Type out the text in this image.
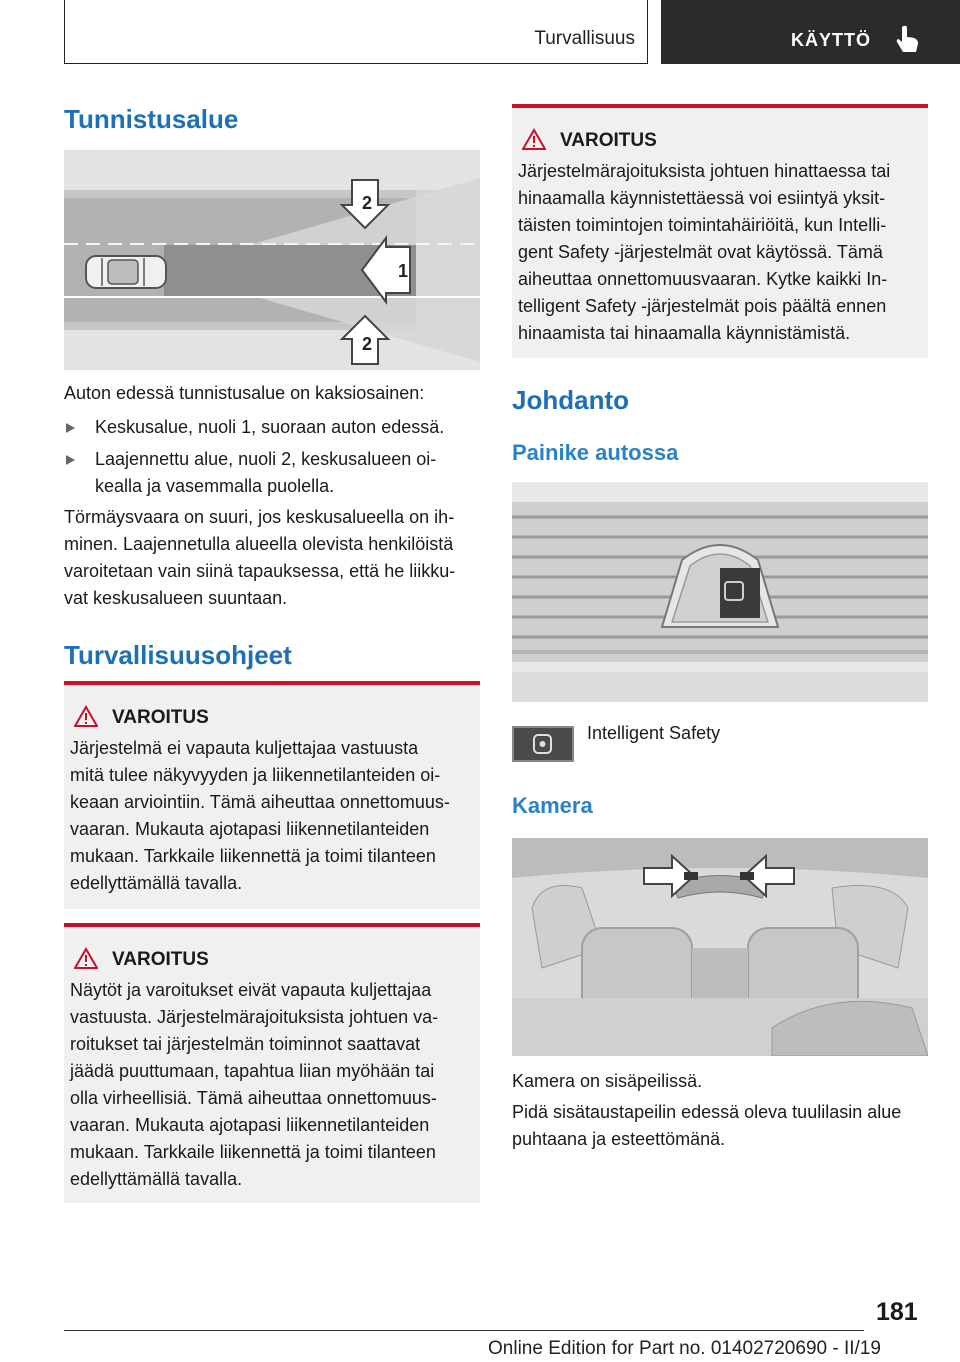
Turvallisuus	KÄYTTÖ
Tunnistusalue
2
1
2
Auton edessä tunnistusalue on kaksiosainen:
Keskusalue, nuoli 1, suoraan auton edessä.
Laajennettu alue, nuoli 2, keskusalueen oi-
kealla ja vasemmalla puolella.
Törmäysvaara on suuri, jos keskusalueella on ih-
minen. Laajennetulla alueella olevista henkilöistä
varoitetaan vain siinä tapauksessa, että he liikku-
vat keskusalueen suuntaan.
Turvallisuusohjeet
VAROITUS
Järjestelmä ei vapauta kuljettajaa vastuusta
mitä tulee näkyvyyden ja liikennetilanteiden oi-
keaan arviointiin. Tämä aiheuttaa onnettomuus-
vaaran. Mukauta ajotapasi liikennetilanteiden
mukaan. Tarkkaile liikennettä ja toimi tilanteen
edellyttämällä tavalla.
VAROITUS
Näytöt ja varoitukset eivät vapauta kuljettajaa
vastuusta. Järjestelmärajoituksista johtuen va-
roitukset tai järjestelmän toiminnot saattavat
jäädä puuttumaan, tapahtua liian myöhään tai
olla virheellisiä. Tämä aiheuttaa onnettomuus-
vaaran. Mukauta ajotapasi liikennetilanteiden
mukaan. Tarkkaile liikennettä ja toimi tilanteen
edellyttämällä tavalla.
VAROITUS
Järjestelmärajoituksista johtuen hinattaessa tai
hinaamalla käynnistettäessä voi esiintyä yksit-
täisten toimintojen toimintahäiriöitä, kun Intelli-
gent Safety -järjestelmät ovat käytössä. Tämä
aiheuttaa onnettomuusvaaran. Kytke kaikki In-
telligent Safety -järjestelmät pois päältä ennen
hinaamista tai hinaamalla käynnistämistä.
Johdanto
Painike autossa
Intelligent Safety
Kamera
Kamera on sisäpeilissä.
Pidä sisätaustapeilin edessä oleva tuulilasin alue
puhtaana ja esteettömänä.
181
Online Edition for Part no. 01402720690 - II/19
